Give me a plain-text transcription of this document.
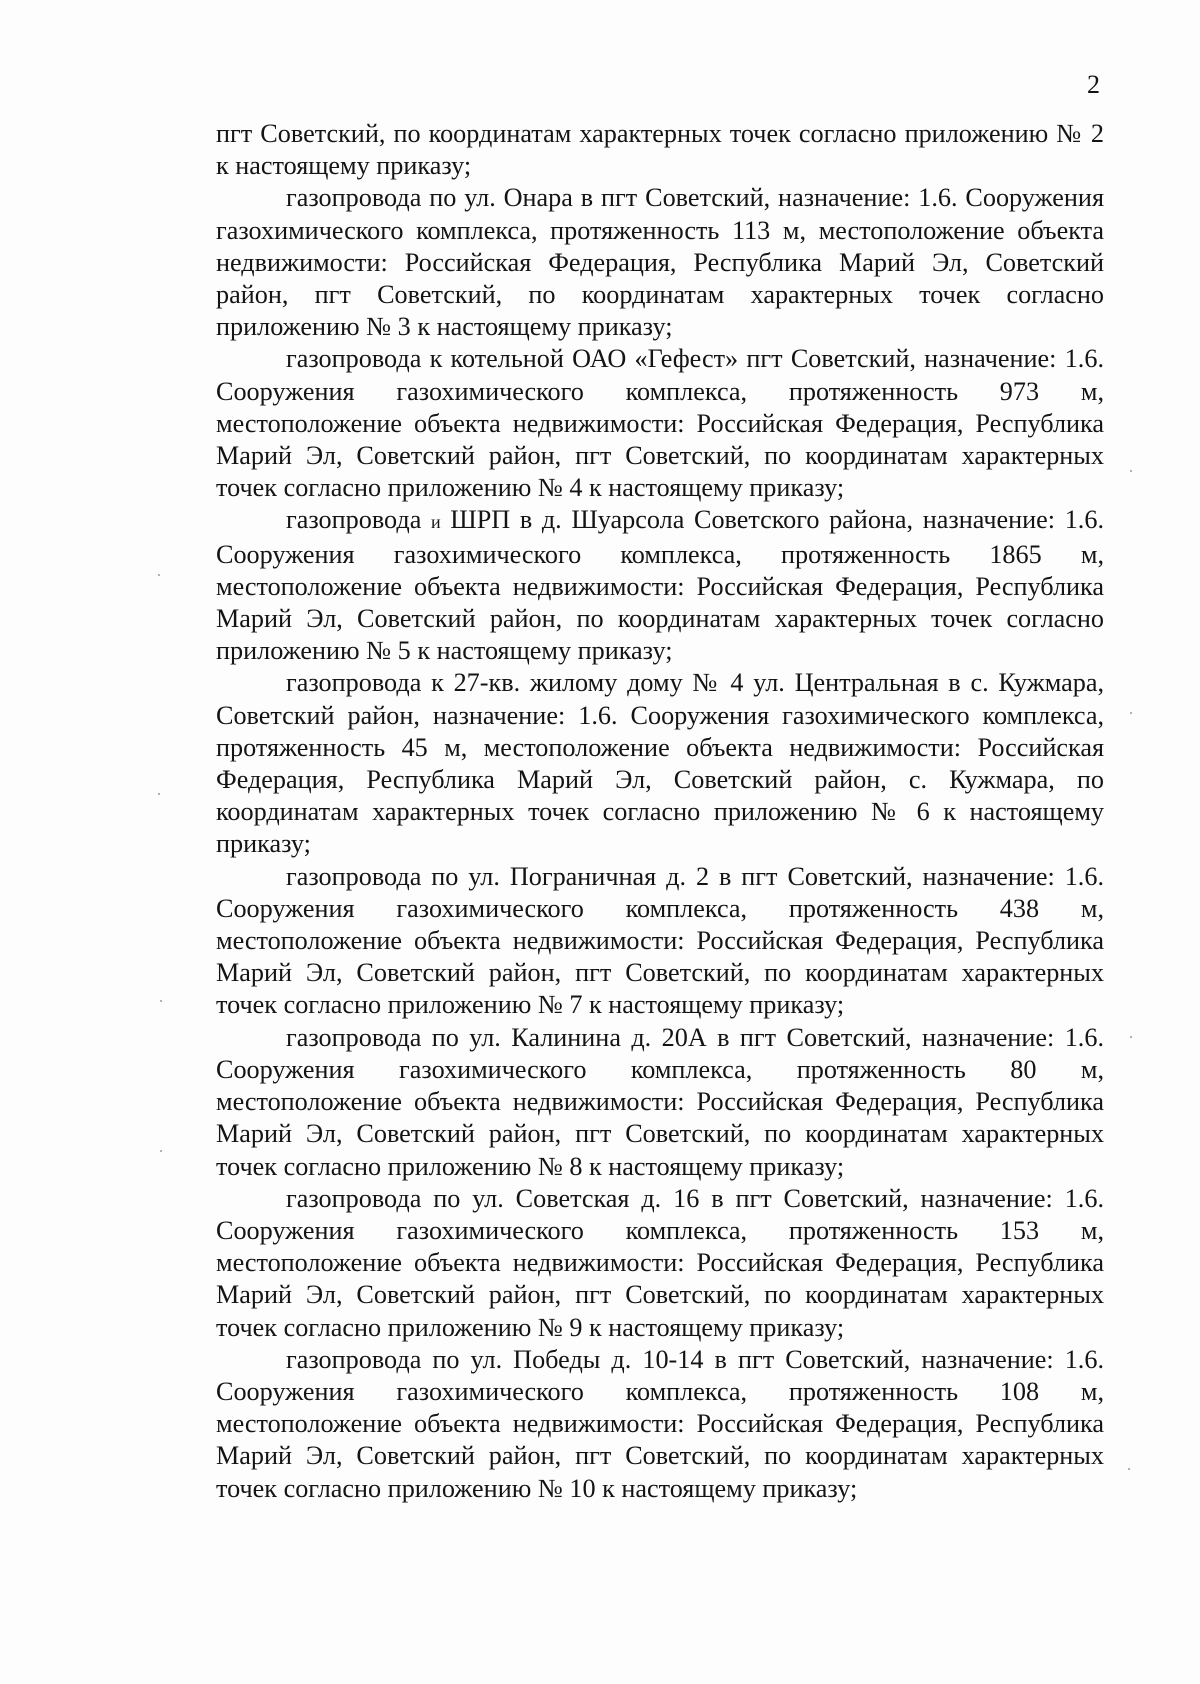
2

пгт Советский, по координатам характерных точек согласно приложению № 2 к настоящему приказу;

газопровода по ул. Онара в пгт Советский, назначение: 1.6. Сооружения газохимического комплекса, протяженность 113 м, местоположение объекта недвижимости: Российская Федерация, Республика Марий Эл, Советский район, пгт Советский, по координатам характерных точек согласно приложению № 3 к настоящему приказу;

газопровода к котельной ОАО «Гефест» пгт Советский, назначение: 1.6. Сооружения газохимического комплекса, протяженность 973 м, местоположение объекта недвижимости: Российская Федерация, Республика Марий Эл, Советский район, пгт Советский, по координатам характерных точек согласно приложению № 4 к настоящему приказу;

газопровода и ШРП в д. Шуарсола Советского района, назначение: 1.6. Сооружения газохимического комплекса, протяженность 1865 м, местоположение объекта недвижимости: Российская Федерация, Республика Марий Эл, Советский район, по координатам характерных точек согласно приложению № 5 к настоящему приказу;

газопровода к 27-кв. жилому дому № 4 ул. Центральная в с. Кужмара, Советский район, назначение: 1.6. Сооружения газохимического комплекса, протяженность 45 м, местоположение объекта недвижимости: Российская Федерация, Республика Марий Эл, Советский район, с. Кужмара, по координатам характерных точек согласно приложению № 6 к настоящему приказу;

газопровода по ул. Пограничная д. 2 в пгт Советский, назначение: 1.6. Сооружения газохимического комплекса, протяженность 438 м, местоположение объекта недвижимости: Российская Федерация, Республика Марий Эл, Советский район, пгт Советский, по координатам характерных точек согласно приложению № 7 к настоящему приказу;

газопровода по ул. Калинина д. 20А в пгт Советский, назначение: 1.6. Сооружения газохимического комплекса, протяженность 80 м, местоположение объекта недвижимости: Российская Федерация, Республика Марий Эл, Советский район, пгт Советский, по координатам характерных точек согласно приложению № 8 к настоящему приказу;

газопровода по ул. Советская д. 16 в пгт Советский, назначение: 1.6. Сооружения газохимического комплекса, протяженность 153 м, местоположение объекта недвижимости: Российская Федерация, Республика Марий Эл, Советский район, пгт Советский, по координатам характерных точек согласно приложению № 9 к настоящему приказу;

газопровода по ул. Победы д. 10-14 в пгт Советский, назначение: 1.6. Сооружения газохимического комплекса, протяженность 108 м, местоположение объекта недвижимости: Российская Федерация, Республика Марий Эл, Советский район, пгт Советский, по координатам характерных точек согласно приложению № 10 к настоящему приказу;
